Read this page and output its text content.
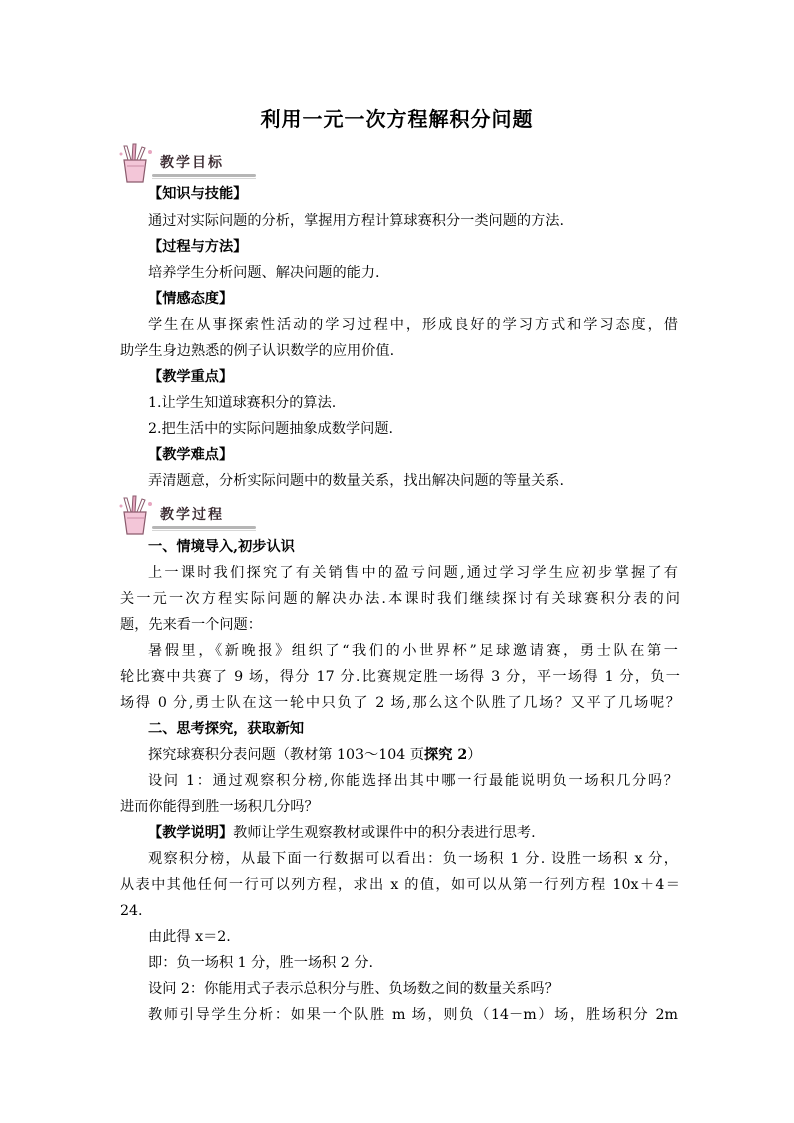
利用一元一次方程解积分问题
教学目标
【知识与技能】
通过对实际问题的分析，掌握用方程计算球赛积分一类问题的方法.
【过程与方法】
培养学生分析问题、解决问题的能力.
【情感态度】
学生在从事探索性活动的学习过程中，形成良好的学习方式和学习态度，借
助学生身边熟悉的例子认识数学的应用价值.
【教学重点】
1.让学生知道球赛积分的算法.
2.把生活中的实际问题抽象成数学问题.
【教学难点】
弄清题意，分析实际问题中的数量关系，找出解决问题的等量关系.
教学过程
一、情境导入,初步认识
上一课时我们探究了有关销售中的盈亏问题,通过学习学生应初步掌握了有
关一元一次方程实际问题的解决办法.本课时我们继续探讨有关球赛积分表的问
题，先来看一个问题：
暑假里，《新晚报》组织了“我们的小世界杯”足球邀请赛，勇士队在第一
轮比赛中共赛了 9 场，得分 17 分.比赛规定胜一场得 3 分，平一场得 1 分，负一
场得 0 分,勇士队在这一轮中只负了 2 场,那么这个队胜了几场？又平了几场呢？
二、思考探究，获取新知
探究球赛积分表问题（教材第 103～104 页探究 2）
设问 1：通过观察积分榜,你能选择出其中哪一行最能说明负一场积几分吗？
进而你能得到胜一场积几分吗？
【教学说明】教师让学生观察教材或课件中的积分表进行思考.
观察积分榜，从最下面一行数据可以看出：负一场积 1 分. 设胜一场积 x 分，
从表中其他任何一行可以列方程，求出 x 的值，如可以从第一行列方程 10x＋4＝
24.
由此得 x＝2.
即：负一场积 1 分，胜一场积 2 分.
设问 2：你能用式子表示总积分与胜、负场数之间的数量关系吗？
教师引导学生分析：如果一个队胜 m 场，则负（14－m）场，胜场积分 2m
